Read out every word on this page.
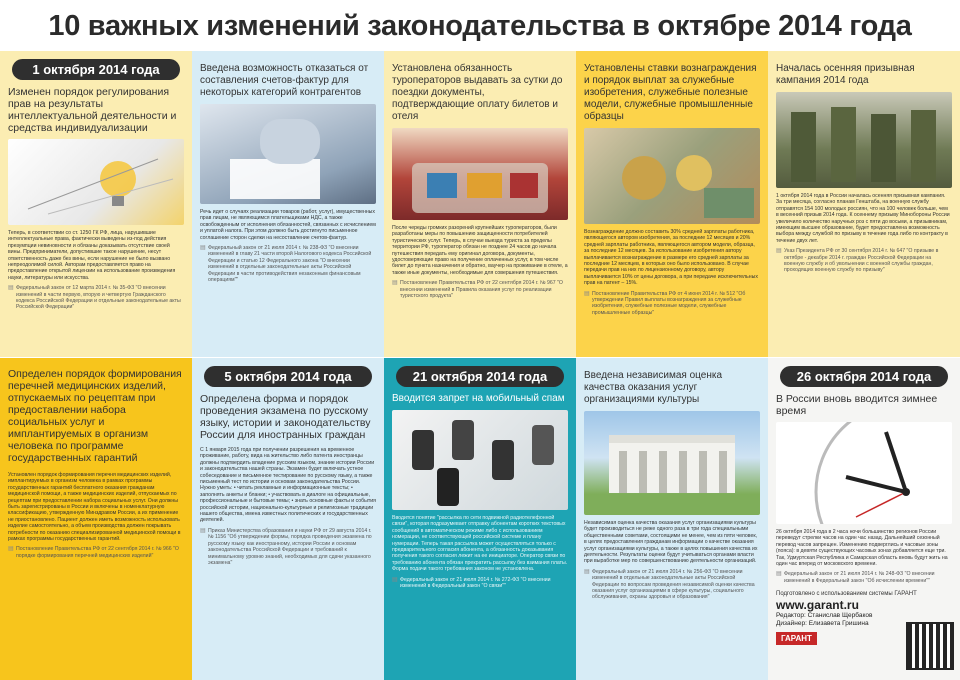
10 важных изменений законодательства в октябре 2014 года
1 октября 2014 года
Изменен порядок регулирования прав на результаты интеллектуальной деятельности и средства индивидуализации
Теперь, в соответствии со ст. 1250 ГК РФ, лица, нарушившие интеллектуальные права, фактически выведены из-под действия презумпции невиновности и обязаны доказывать отсутствие своей вины. Предприниматели, допустившие такое нарушение, несут ответственность даже без вины, если нарушение не было вызвано непреодолимой силой. Авторам предоставляется право на предоставление открытой лицензии на использование произведения науки, литературы или искусства.
▤ Федеральный закон от 12 марта 2014 г. № 35-ФЗ "О внесении изменений в части первую, вторую и четвертую Гражданского кодекса Российской Федерации и отдельные законодательные акты Российской Федерации"
Введена возможность отказаться от составления счетов-фактур для некоторых категорий контрагентов
Речь идет о случаях реализации товаров (работ, услуг), имущественных прав лицам, не являющимся плательщиками НДС, а также освобожденным от исполнения обязанностей, связанных с исчислением и уплатой налога. При этом должно быть достигнуто письменное соглашение сторон сделки на несоставление счетов-фактур.
▤ Федеральный закон от 21 июля 2014 г. № 238-ФЗ "О внесении изменений в главу 21 части второй Налогового кодекса Российской Федерации и статью 12 Федерального закона "О внесении изменений в отдельные законодательные акты Российской Федерации в части противодействия незаконным финансовым операциям""
Установлена обязанность туроператоров выдавать за сутки до поездки документы, подтверждающие оплату билетов и отеля
После череды громких разорений крупнейших туроператоров, были разработаны меры по повышению защищенности потребителей туристических услуг. Теперь, в случае выезда туриста за пределы территории РФ, туроператор обязан не позднее 24 часов до начала путешествия передать ему оригинал договора, документы, удостоверяющие право на получение оплаченных услуг, в том числе билет до пункта назначения и обратно, ваучер на проживание в отеле, а также иные документы, необходимые для совершения путешествия.
▤ Постановление Правительства РФ от 22 сентября 2014 г. № 967 "О внесении изменений в Правила оказания услуг по реализации туристского продукта"
Установлены ставки вознаграждения и порядок выплат за служебные изобретения, служебные полезные модели, служебные промышленные образцы
Вознаграждение должно составить 30% средней зарплаты работника, являющегося автором изобретения, за последние 12 месяцев и 20% средней зарплаты работника, являющегося автором модели, образца, за последние 12 месяцев. За использование изобретения автору выплачивается вознаграждение в размере его средней зарплаты за последние 12 месяцев, в которых оно было использовано. В случае передачи прав на них по лицензионному договору, автору выплачивается 10% от цены договора, а при передаче исключительных прав на патент – 15%.
▤ Постановление Правительства РФ от 4 июня 2014 г. № 512 "Об утверждении Правил выплаты вознаграждения за служебные изобретения, служебные полезные модели, служебные промышленные образцы"
Началась осенняя призывная кампания 2014 года
1 октября 2014 года в России началась осенняя призывная кампания. За три месяца, согласно планам Генштаба, на военную службу отправятся 154 100 молодых россиян, что на 100 человек больше, чем в весенний призыв 2014 года. К осеннему призыву Минобороны России увеличило количество наручных роз с пяти до восьми, а призывникам, имеющим высшее образование, будет предоставлена возможность выбора между службой по призыву в течение года либо по контракту в течение двух лет.
▤ Указ Президента РФ от 30 сентября 2014 г. № 647 "О призыве в октябре - декабре 2014 г. граждан Российской Федерации на военную службу и об увольнении с военной службы граждан, проходящих военную службу по призыву"
Определен порядок формирования перечней медицинских изделий, отпускаемых по рецептам при предоставлении набора социальных услуг и имплантируемых в организм человека по программе государственных гарантий
Установлен порядок формирования перечня медицинских изделий, имплантируемых в организм человека в рамках программы государственных гарантий бесплатного оказания гражданам медицинской помощи, а также медицинских изделий, отпускаемых по рецептам при предоставлении набора социальных услуг. Они должны быть зарегистрированы в России и включены в номенклатурную классификацию, утвержденную Минздравом России, а их применение не приостановлено. Пациент должен иметь возможность использовать изделие самостоятельно, а объем производства должен покрывать потребности по оказанию специализированной медицинской помощи в рамках программы государственных гарантий.
▤ Постановление Правительства РФ от 22 сентября 2014 г. № 966 "О порядке формирования перечней медицинских изделий"
5 октября 2014 года
Определена форма и порядок проведения экзамена по русскому языку, истории и законодательству России для иностранных граждан
С 1 января 2015 года при получении разрешения на временное проживание, работу, вида на жительство либо патента иностранцы должны подтвердить владение русским языком, знание истории России и законодательства нашей страны. Экзамен будет включать устное собеседование и письменное тестирование по русскому языку, а также письменный тест по истории и основам законодательства России. Нужно уметь: • читать рекламные и информационные тексты; • заполнять анкеты и бланки; • участвовать в диалоге на официальные, профессиональные и бытовые темы; • знать основные факты и события российской истории, национально-культурные и религиозные традиции нашего общества, имена известных политических и государственных деятелей.
▤ Приказ Министерства образования и науки РФ от 29 августа 2014 г. № 1156 "Об утверждении формы, порядка проведения экзамена по русскому языку как иностранному, истории России и основам законодательства Российской Федерации и требований к минимальному уровню знаний, необходимых для сдачи указанного экзамена"
21 октября 2014 года
Вводится запрет на мобильный спам
Вводится понятие "рассылка по сети подвижной радиотелефонной связи", которая подразумевает отправку абонентам коротких текстовых сообщений в автоматическом режиме либо с использованием номерации, не соответствующей российской системе и плану нумерации. Теперь такая рассылка может осуществляться только с предварительного согласия абонента, а обязанность доказывания получения такого согласия лежит на ее инициаторе. Оператор связи по требованию абонента обязан прекратить рассылку без взимания платы. Форма подачи такого требования законом не установлена.
▤ Федеральный закон от 21 июля 2014 г. № 272-ФЗ "О внесении изменений в Федеральный закон "О связи""
Введена независимая оценка качества оказания услуг организациями культуры
Независимая оценка качества оказания услуг организациями культуры будет производиться не реже одного раза в три года специальными общественными советами, состоящими не менее, чем из пяти человек, в целях предоставления гражданам информации о качестве оказания услуг организациями культуры, а также в целях повышения качества их деятельности. Результаты оценки будут учитываться органами власти при выработке мер по совершенствованию деятельности организаций.
▤ Федеральный закон от 21 июля 2014 г. № 256-ФЗ "О внесении изменений в отдельные законодательные акты Российской Федерации по вопросам проведения независимой оценки качества оказания услуг организациями в сфере культуры, социального обслуживания, охраны здоровья и образования"
26 октября 2014 года
В России вновь вводится зимнее время
26 октября 2014 года в 2 часа ночи большинство регионов России переведут стрелки часов на один час назад. Дальнейший сезонный перевод часов запрещен. Изменению подверглись и часовые зоны (пояса): в девяти существующих часовых зонах добавляется еще три. Так, Удмуртская Республика и Самарская область вновь будут жить на один час вперед от московского времени.
▤ Федеральный закон от 21 июля 2014 г. № 248-ФЗ "О внесении изменений в Федеральный закон "Об исчислении времени""
Подготовлено с использованием системы ГАРАНТ
www.garant.ru
Редактор: Станислав Щербаков
Дизайнер: Елизавета Гришина
ГАРАНТ
